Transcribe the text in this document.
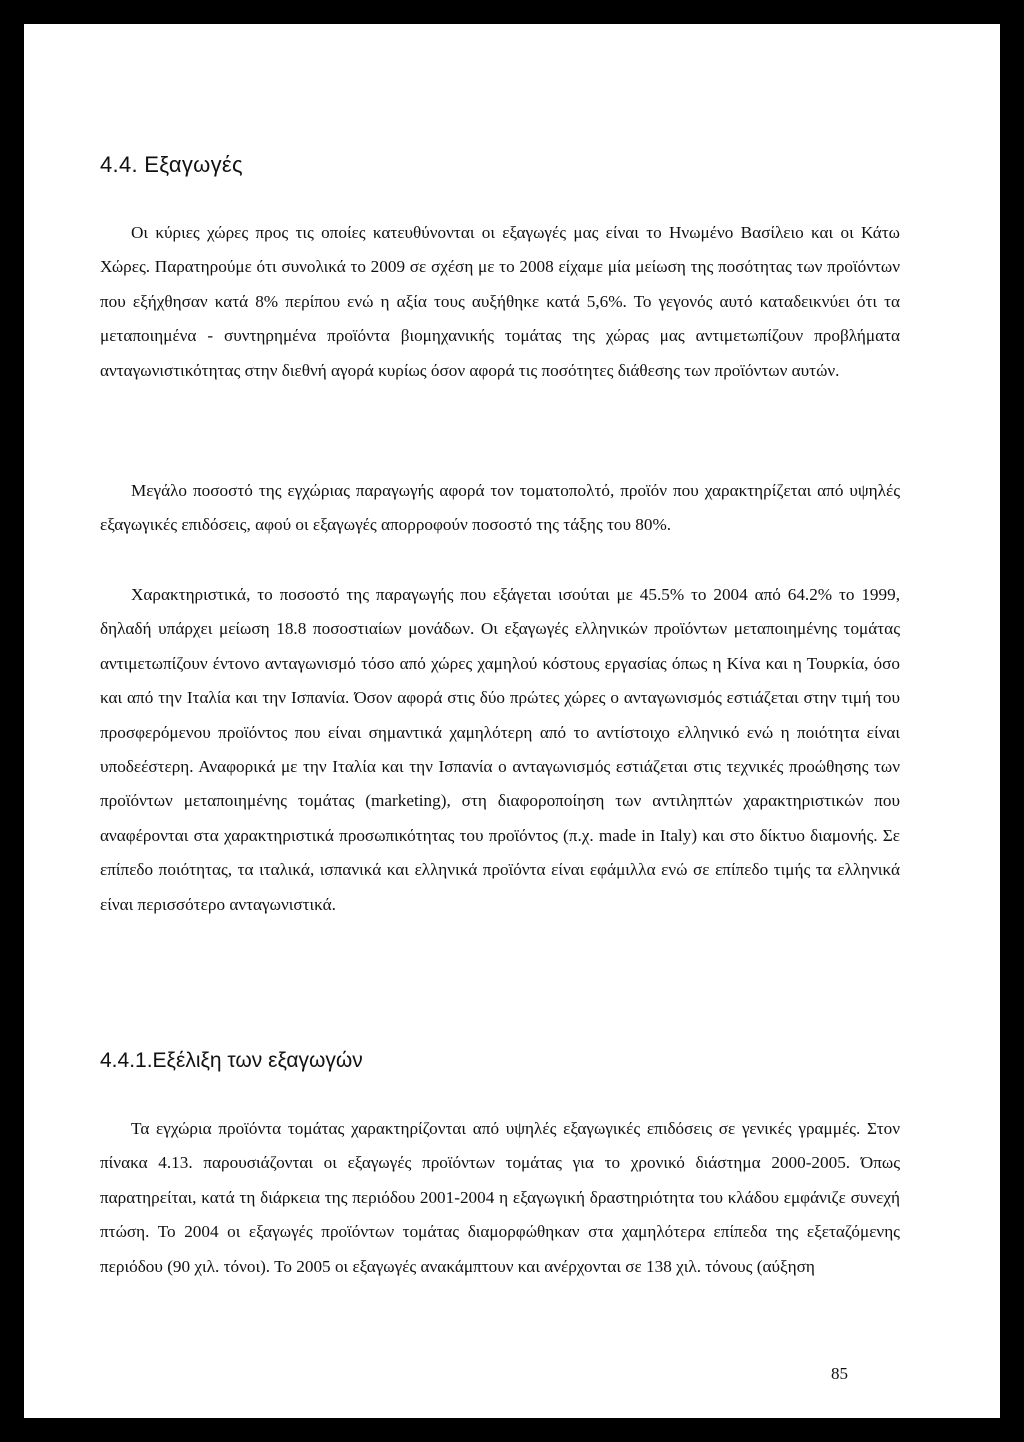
4.4. Εξαγωγές

Οι κύριες χώρες προς τις οποίες κατευθύνονται οι εξαγωγές μας είναι το Ηνωμένο Βασίλειο και οι Κάτω Χώρες. Παρατηρούμε ότι συνολικά το 2009 σε σχέση με το 2008 είχαμε μία μείωση της ποσότητας των προϊόντων που εξήχθησαν κατά 8% περίπου ενώ η αξία τους αυξήθηκε κατά 5,6%. Το γεγονός αυτό καταδεικνύει ότι τα μεταποιημένα - συντηρημένα προϊόντα βιομηχανικής τομάτας της χώρας μας αντιμετωπίζουν προβλήματα ανταγωνιστικότητας στην διεθνή αγορά κυρίως όσον αφορά τις ποσότητες διάθεσης των προϊόντων αυτών.

Μεγάλο ποσοστό της εγχώριας παραγωγής αφορά τον τοματοπολτό, προϊόν που χαρακτηρίζεται από υψηλές εξαγωγικές επιδόσεις, αφού οι εξαγωγές απορροφούν ποσοστό της τάξης του 80%.

Χαρακτηριστικά, το ποσοστό της παραγωγής που εξάγεται ισούται με 45.5% το 2004 από 64.2% το 1999, δηλαδή υπάρχει μείωση 18.8 ποσοστιαίων μονάδων. Οι εξαγωγές ελληνικών προϊόντων μεταποιημένης τομάτας αντιμετωπίζουν έντονο ανταγωνισμό τόσο από χώρες χαμηλού κόστους εργασίας όπως η Κίνα και η Τουρκία, όσο και από την Ιταλία και την Ισπανία. Όσον αφορά στις δύο πρώτες χώρες ο ανταγωνισμός εστιάζεται στην τιμή του προσφερόμενου προϊόντος που είναι σημαντικά χαμηλότερη από το αντίστοιχο ελληνικό ενώ η ποιότητα είναι υποδεέστερη. Αναφορικά με την Ιταλία και την Ισπανία ο ανταγωνισμός εστιάζεται στις τεχνικές προώθησης των προϊόντων μεταποιημένης τομάτας (marketing), στη διαφοροποίηση των αντιληπτών χαρακτηριστικών που αναφέρονται στα χαρακτηριστικά προσωπικότητας του προϊόντος (π.χ. made in Italy) και στο δίκτυο διαμονής. Σε επίπεδο ποιότητας, τα ιταλικά, ισπανικά και ελληνικά προϊόντα είναι εφάμιλλα ενώ σε επίπεδο τιμής τα ελληνικά είναι περισσότερο ανταγωνιστικά.

4.4.1.Εξέλιξη των εξαγωγών

Τα εγχώρια προϊόντα τομάτας χαρακτηρίζονται από υψηλές εξαγωγικές επιδόσεις σε γενικές γραμμές. Στον πίνακα 4.13. παρουσιάζονται οι εξαγωγές προϊόντων τομάτας για το χρονικό διάστημα 2000-2005. Όπως παρατηρείται, κατά τη διάρκεια της περιόδου 2001-2004 η εξαγωγική δραστηριότητα του κλάδου εμφάνιζε συνεχή πτώση. Το 2004 οι εξαγωγές προϊόντων τομάτας διαμορφώθηκαν στα χαμηλότερα επίπεδα της εξεταζόμενης περιόδου (90 χιλ. τόνοι). Το 2005 οι εξαγωγές ανακάμπτουν και ανέρχονται σε 138 χιλ. τόνους (αύξηση

85
